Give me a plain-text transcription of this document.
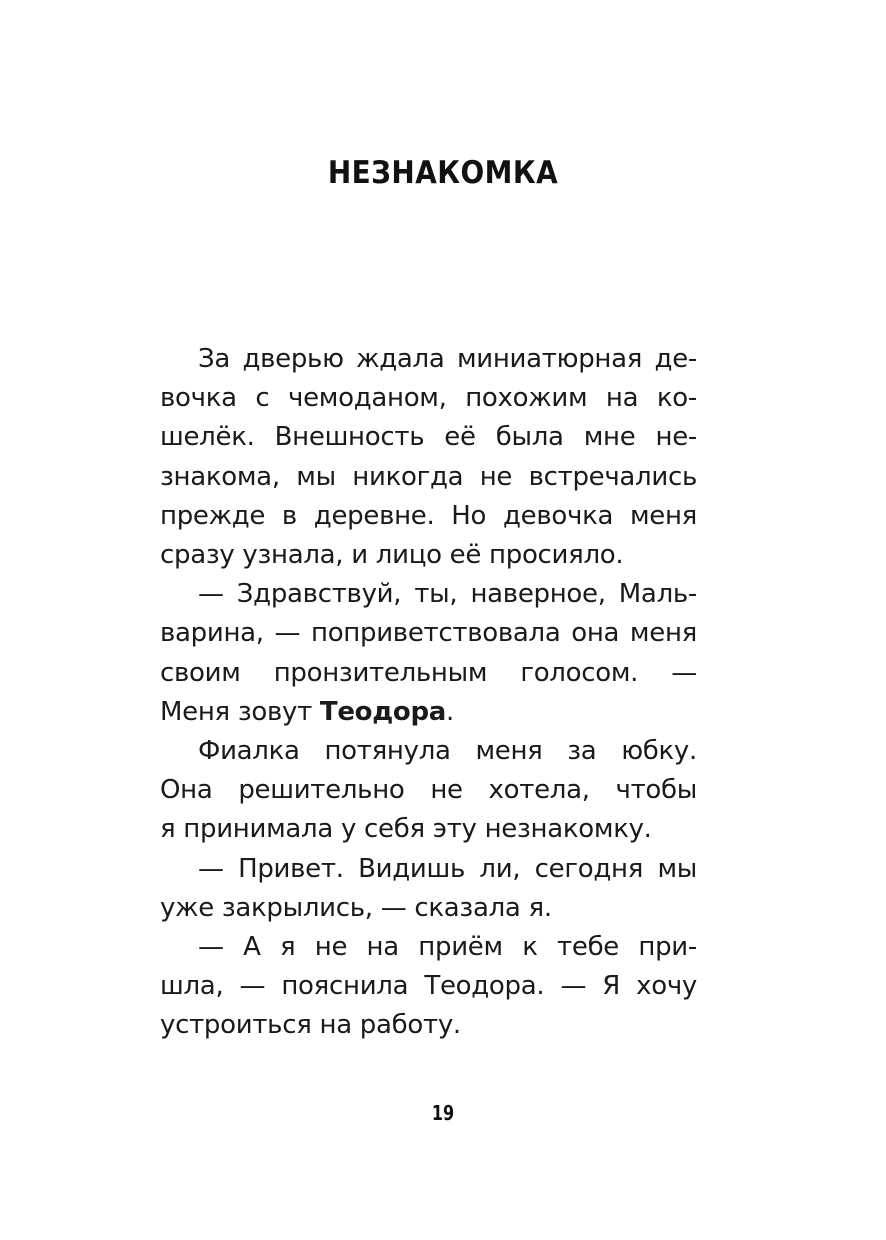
НЕЗНАКОМКА
За дверью ждала миниатюрная де-
вочка с чемоданом, похожим на ко-
шелёк. Внешность её была мне не-
знакома, мы никогда не встречались
прежде в деревне. Но девочка меня
сразу узнала, и лицо её просияло.
— Здравствуй, ты, наверное, Маль-
варина, — поприветствовала она меня
своим пронзительным голосом. —
Меня зовут Теодора.
Фиалка потянула меня за юбку.
Она решительно не хотела, чтобы
я принимала у себя эту незнакомку.
— Привет. Видишь ли, сегодня мы
уже закрылись, — сказала я.
— А я не на приём к тебе при-
шла, — пояснила Теодора. — Я хочу
устроиться на работу.
19
